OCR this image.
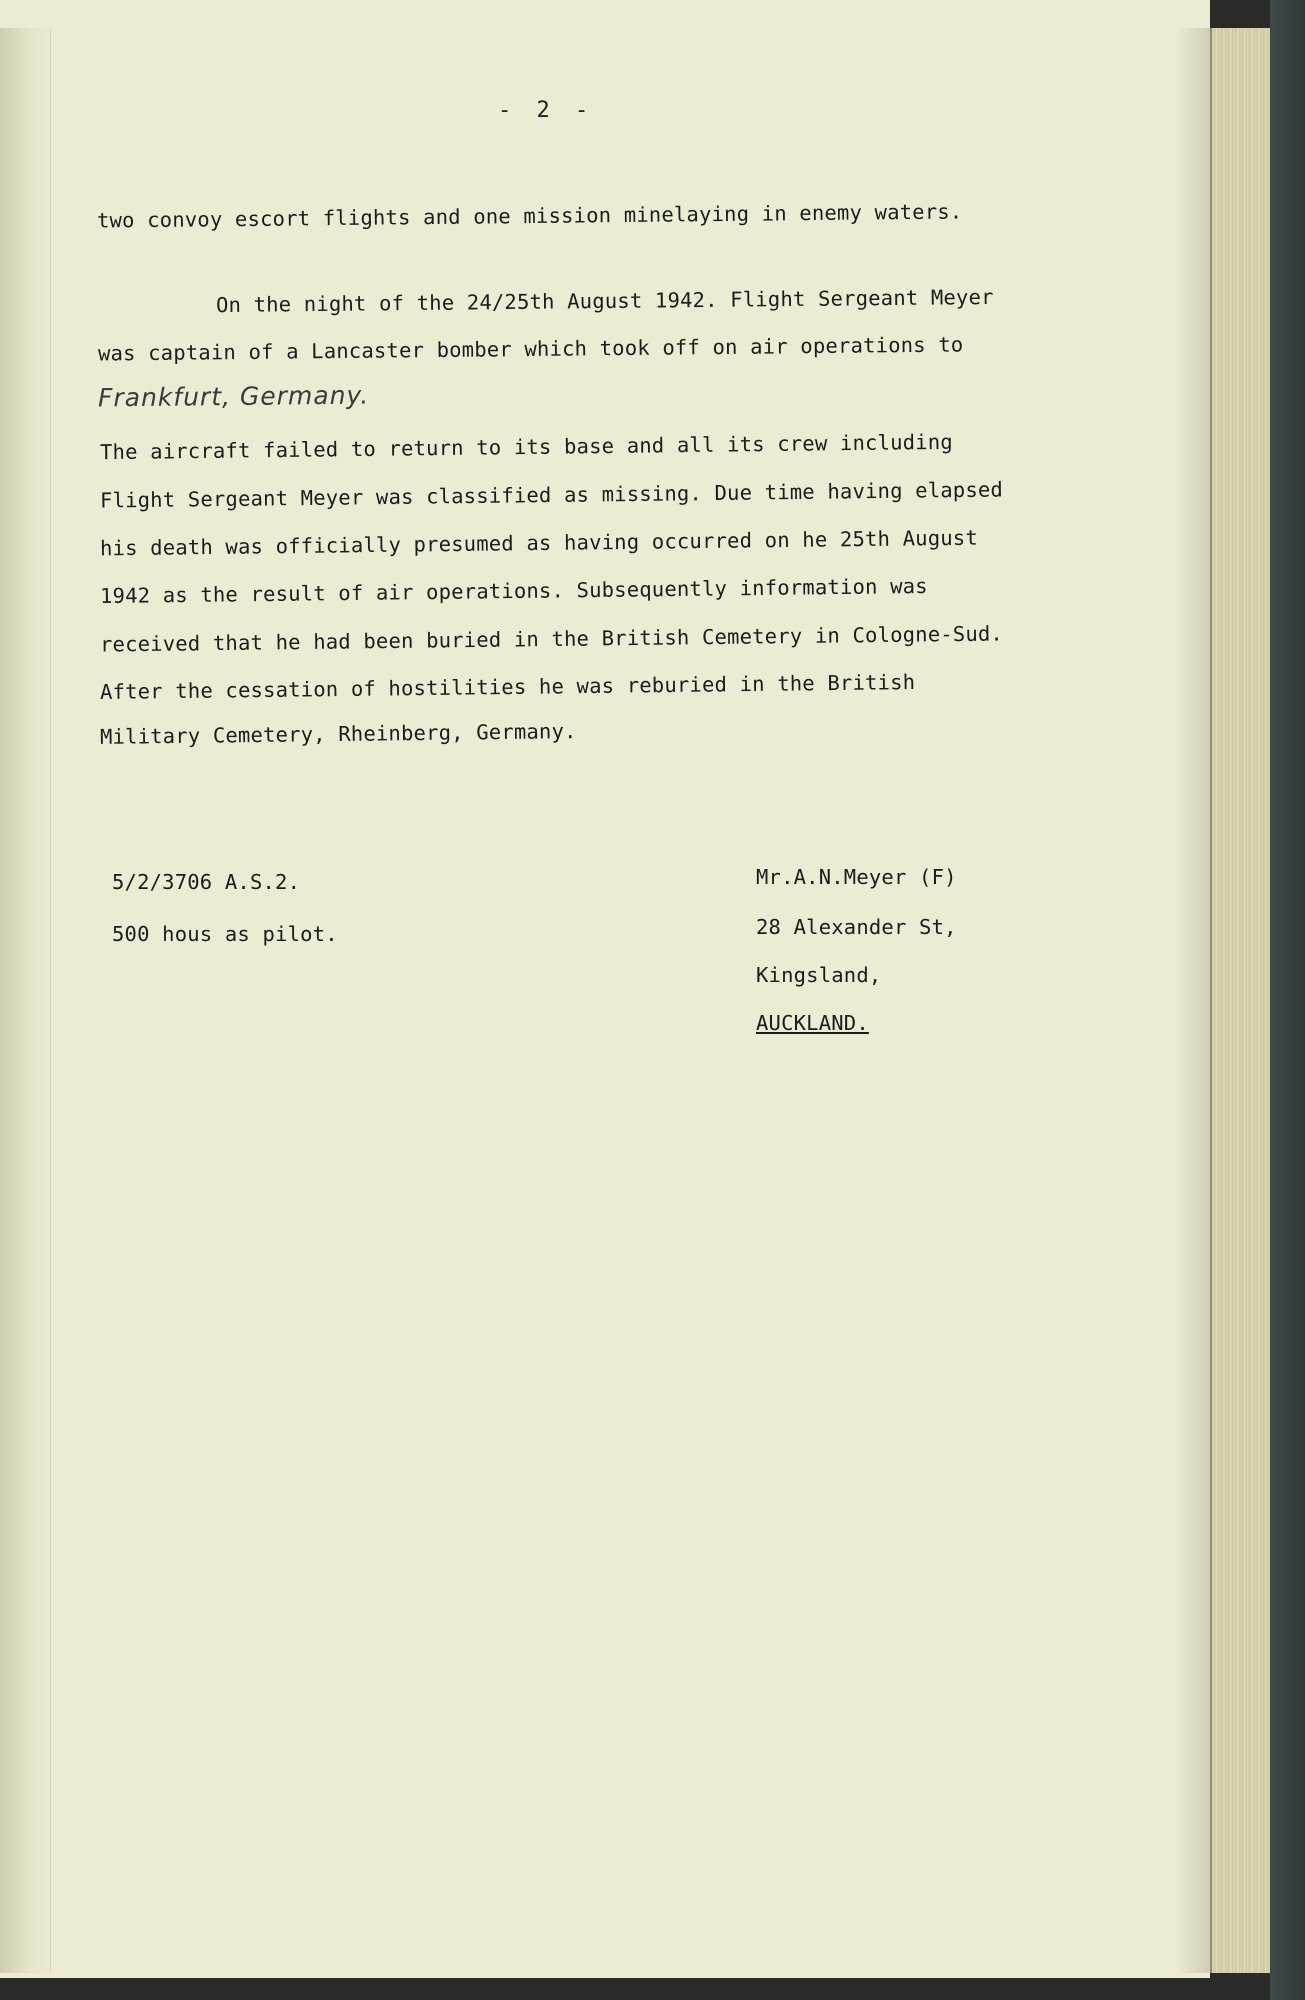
- 2 -
two convoy escort flights and one mission minelaying in enemy waters.
On the night of the 24/25th August 1942. Flight Sergeant Meyer
was captain of a Lancaster bomber which took off on air operations to
Frankfurt, Germany.
The aircraft failed to return to its base and all its crew including
Flight Sergeant Meyer was classified as missing. Due time having elapsed
his death was officially presumed as having occurred on he 25th August
1942 as the result of air operations. Subsequently information was
received that he had been buried in the British Cemetery in Cologne-Sud.
After the cessation of hostilities he was reburied in the British
Military Cemetery, Rheinberg, Germany.
5/2/3706 A.S.2.
500 hous as pilot.
Mr.A.N.Meyer (F)
28 Alexander St,
Kingsland,
AUCKLAND.
